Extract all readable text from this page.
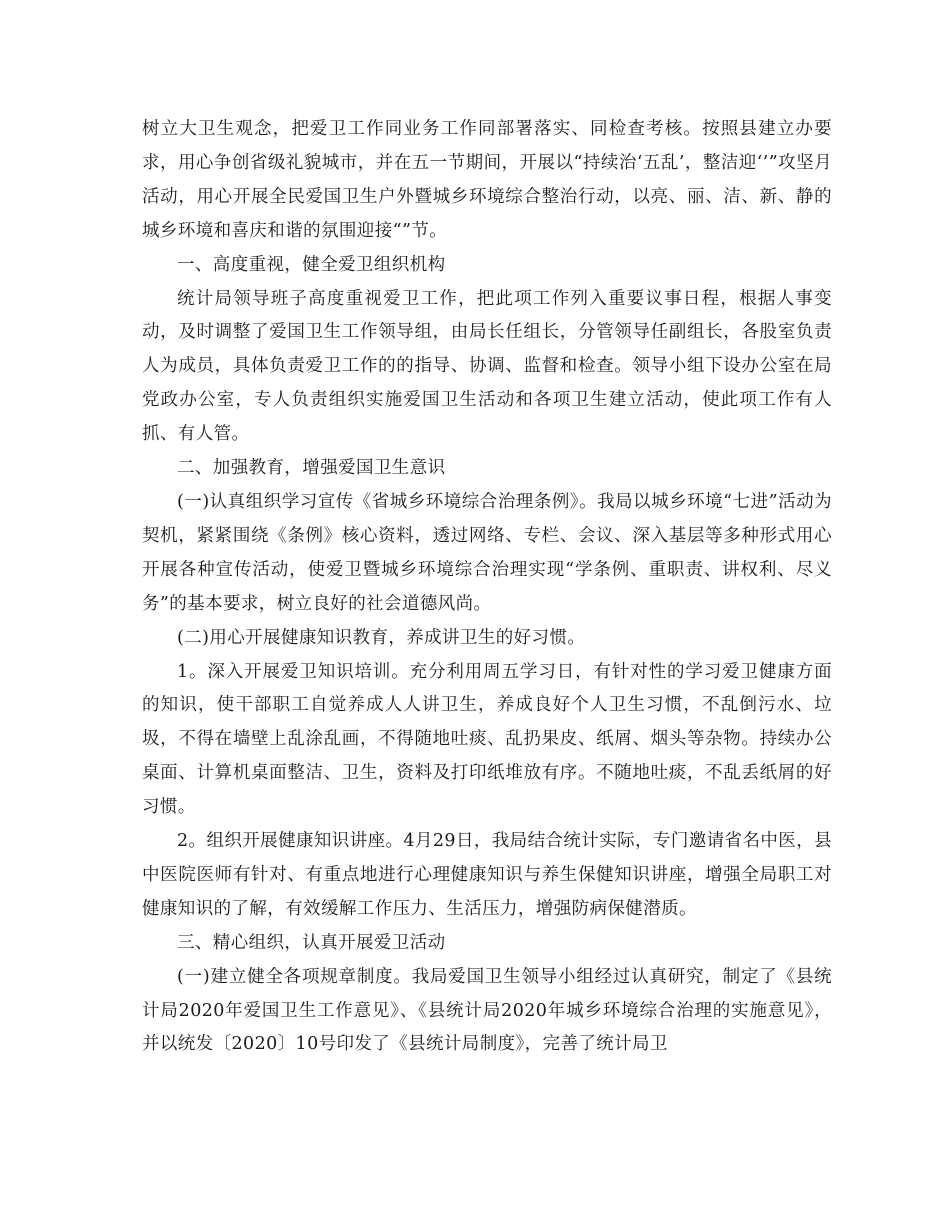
树立大卫生观念，把爱卫工作同业务工作同部署落实、同检查考核。按照县建立办要求，用心争创省级礼貌城市，并在五一节期间，开展以“持续治‘五乱’，整洁迎‘’”攻坚月活动，用心开展全民爱国卫生户外暨城乡环境综合整治行动，以亮、丽、洁、新、静的城乡环境和喜庆和谐的氛围迎接“”节。

一、高度重视，健全爱卫组织机构

统计局领导班子高度重视爱卫工作，把此项工作列入重要议事日程，根据人事变动，及时调整了爱国卫生工作领导组，由局长任组长，分管领导任副组长，各股室负责人为成员，具体负责爱卫工作的的指导、协调、监督和检查。领导小组下设办公室在局党政办公室，专人负责组织实施爱国卫生活动和各项卫生建立活动，使此项工作有人抓、有人管。

二、加强教育，增强爱国卫生意识

(一)认真组织学习宣传《省城乡环境综合治理条例》。我局以城乡环境“七进”活动为契机，紧紧围绕《条例》核心资料，透过网络、专栏、会议、深入基层等多种形式用心开展各种宣传活动，使爱卫暨城乡环境综合治理实现“学条例、重职责、讲权利、尽义务”的基本要求，树立良好的社会道德风尚。

(二)用心开展健康知识教育，养成讲卫生的好习惯。

1。深入开展爱卫知识培训。充分利用周五学习日，有针对性的学习爱卫健康方面的知识，使干部职工自觉养成人人讲卫生，养成良好个人卫生习惯，不乱倒污水、垃圾，不得在墙壁上乱涂乱画，不得随地吐痰、乱扔果皮、纸屑、烟头等杂物。持续办公桌面、计算机桌面整洁、卫生，资料及打印纸堆放有序。不随地吐痰，不乱丢纸屑的好习惯。

2。组织开展健康知识讲座。4月29日，我局结合统计实际，专门邀请省名中医，县中医院医师有针对、有重点地进行心理健康知识与养生保健知识讲座，增强全局职工对健康知识的了解，有效缓解工作压力、生活压力，增强防病保健潜质。

三、精心组织，认真开展爱卫活动

(一)建立健全各项规章制度。我局爱国卫生领导小组经过认真研究，制定了《县统计局2020年爱国卫生工作意见》、《县统计局2020年城乡环境综合治理的实施意见》，并以统发〔2020〕10号印发了《县统计局制度》，完善了统计局卫
